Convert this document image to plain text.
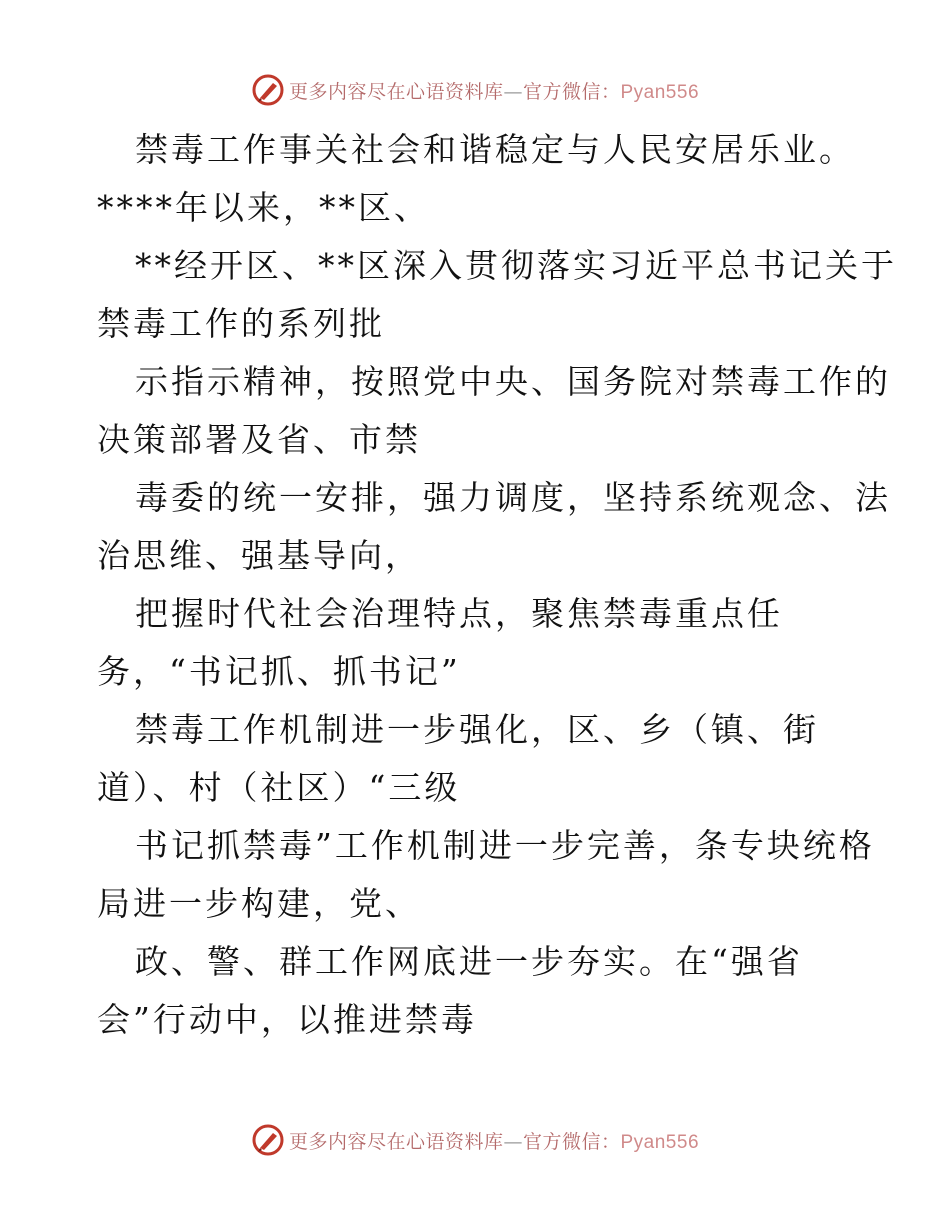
更多内容尽在心语资料库—官方微信：Pyan556
禁毒工作事关社会和谐稳定与人民安居乐业。
****年以来，**区、
**经开区、**区深入贯彻落实习近平总书记关于
禁毒工作的系列批
示指示精神，按照党中央、国务院对禁毒工作的
决策部署及省、市禁
毒委的统一安排，强力调度，坚持系统观念、法
治思维、强基导向，
把握时代社会治理特点，聚焦禁毒重点任
务，“书记抓、抓书记”
禁毒工作机制进一步强化，区、乡（镇、街
道）、村（社区）“三级
书记抓禁毒”工作机制进一步完善，条专块统格
局进一步构建，党、
政、警、群工作网底进一步夯实。在“强省
会”行动中，以推进禁毒
更多内容尽在心语资料库—官方微信：Pyan556
